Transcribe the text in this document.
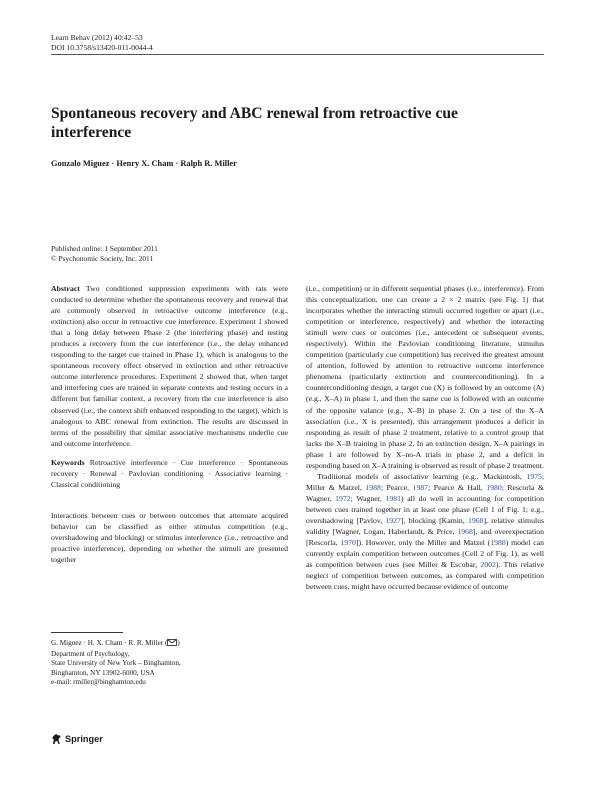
Learn Behav (2012) 40:42–53
DOI 10.3758/s13420-011-0044-4
Spontaneous recovery and ABC renewal from retroactive cue interference
Gonzalo Miguez · Henry X. Cham · Ralph R. Miller
Published online: 1 September 2011
© Psychonomic Society, Inc. 2011

Abstract Two conditioned suppression experiments with rats were conducted to determine whether the spontaneous recovery and renewal that are commonly observed in retroactive outcome interference (e.g., extinction) also occur in retroactive cue interference. Experiment 1 showed that a long delay between Phase 2 (the interfering phase) and testing produces a recovery from the cue interference (i.e., the delay enhanced responding to the target cue trained in Phase 1), which is analogous to the spontaneous recovery effect observed in extinction and other retroactive outcome interference procedures. Experiment 2 showed that, when target and interfering cues are trained in separate contexts and testing occurs in a different but familiar context, a recovery from the cue interference is also observed (i.e., the context shift enhanced responding to the target), which is analogous to ABC renewal from extinction. The results are discussed in terms of the possibility that similar associative mechanisms underlie cue and outcome interference.

Keywords Retroactive interference · Cue interference · Spontaneous recovery · Renewal · Pavlovian conditioning · Associative learning · Classical conditioning

Interactions between cues or between outcomes that attenuate acquired behavior can be classified as either stimulus competition (e.g., overshadowing and blocking) or stimulus interference (i.e., retroactive and proactive interference), depending on whether the stimuli are presented together

(i.e., competition) or in different sequential phases (i.e., interference). From this conceptualization, one can create a 2 × 2 matrix (see Fig. 1) that incorporates whether the interacting stimuli occurred together or apart (i.e., competition or interference, respectively) and whether the interacting stimuli were cues or outcomes (i.e., antecedent or subsequent events, respectively). Within the Pavlovian conditioning literature, stimulus competition (particularly cue competition) has received the greatest amount of attention, followed by attention to retroactive outcome interference phenomena (particularly extinction and counterconditioning). In a counterconditioning design, a target cue (X) is followed by an outcome (A) (e.g., X–A) in phase 1, and then the same cue is followed with an outcome of the opposite valance (e.g., X–B) in phase 2. On a test of the X–A association (i.e., X is presented), this arrangement produces a deficit in responding as result of phase 2 treatment, relative to a control group that lacks the X–B training in phase 2. In an extinction design, X–A pairings in phase 1 are followed by X–no-A trials in phase 2, and a deficit in responding based on X–A training is observed as result of phase 2 treatment.

Traditional models of associative learning (e.g., Mackintosh, 1975; Miller & Matzel, 1988; Pearce, 1987; Pearce & Hall, 1980; Rescorla & Wagner, 1972; Wagner, 1981) all do well in accounting for competition between cues trained together in at least one phase (Cell 1 of Fig. 1; e.g., overshadowing [Pavlov, 1927], blocking [Kamin, 1968], relative stimulus validity [Wagner, Logan, Haberlandt, & Price, 1968], and overexpectation [Rescorla, 1970]). However, only the Miller and Matzel (1988) model can currently explain competition between outcomes (Cell 2 of Fig. 1), as well as competition between cues (see Miller & Escobar, 2002). This relative neglect of competition between outcomes, as compared with competition between cues, might have occurred because evidence of outcome

G. Miguez · H. X. Cham · R. R. Miller ( )
Department of Psychology,
State University of New York – Binghamton,
Binghamton, NY 13902-6000, USA
e-mail: rmiller@binghamton.edu
Springer
